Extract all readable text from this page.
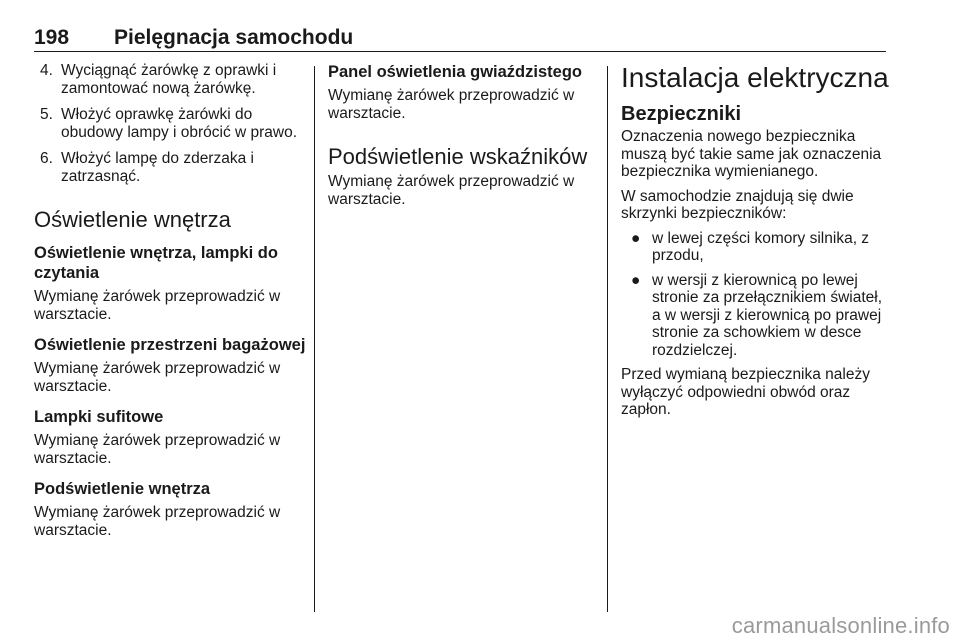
198 Pielęgnacja samochodu
4. Wyciągnąć żarówkę z oprawki i zamontować nową żarówkę.
5. Włożyć oprawkę żarówki do obudowy lampy i obrócić w prawo.
6. Włożyć lampę do zderzaka i zatrzasnąć.
Oświetlenie wnętrza
Oświetlenie wnętrza, lampki do czytania

Wymianę żarówek przeprowadzić w warsztacie.

Oświetlenie przestrzeni bagażowej

Wymianę żarówek przeprowadzić w warsztacie.

Lampki sufitowe

Wymianę żarówek przeprowadzić w warsztacie.

Podświetlenie wnętrza

Wymianę żarówek przeprowadzić w warsztacie.

Panel oświetlenia gwiaździstego

Wymianę żarówek przeprowadzić w warsztacie.

Podświetlenie wskaźników

Wymianę żarówek przeprowadzić w warsztacie.

Instalacja elektryczna
Bezpieczniki

Oznaczenia nowego bezpiecznika muszą być takie same jak oznaczenia bezpiecznika wymienianego.

W samochodzie znajdują się dwie skrzynki bezpieczników:

● w lewej części komory silnika, z przodu,
● w wersji z kierownicą po lewej stronie za przełącznikiem świateł, a w wersji z kierownicą po prawej stronie za schowkiem w desce rozdzielczej.

Przed wymianą bezpiecznika należy wyłączyć odpowiedni obwód oraz zapłon.

carmanualsonline.info
